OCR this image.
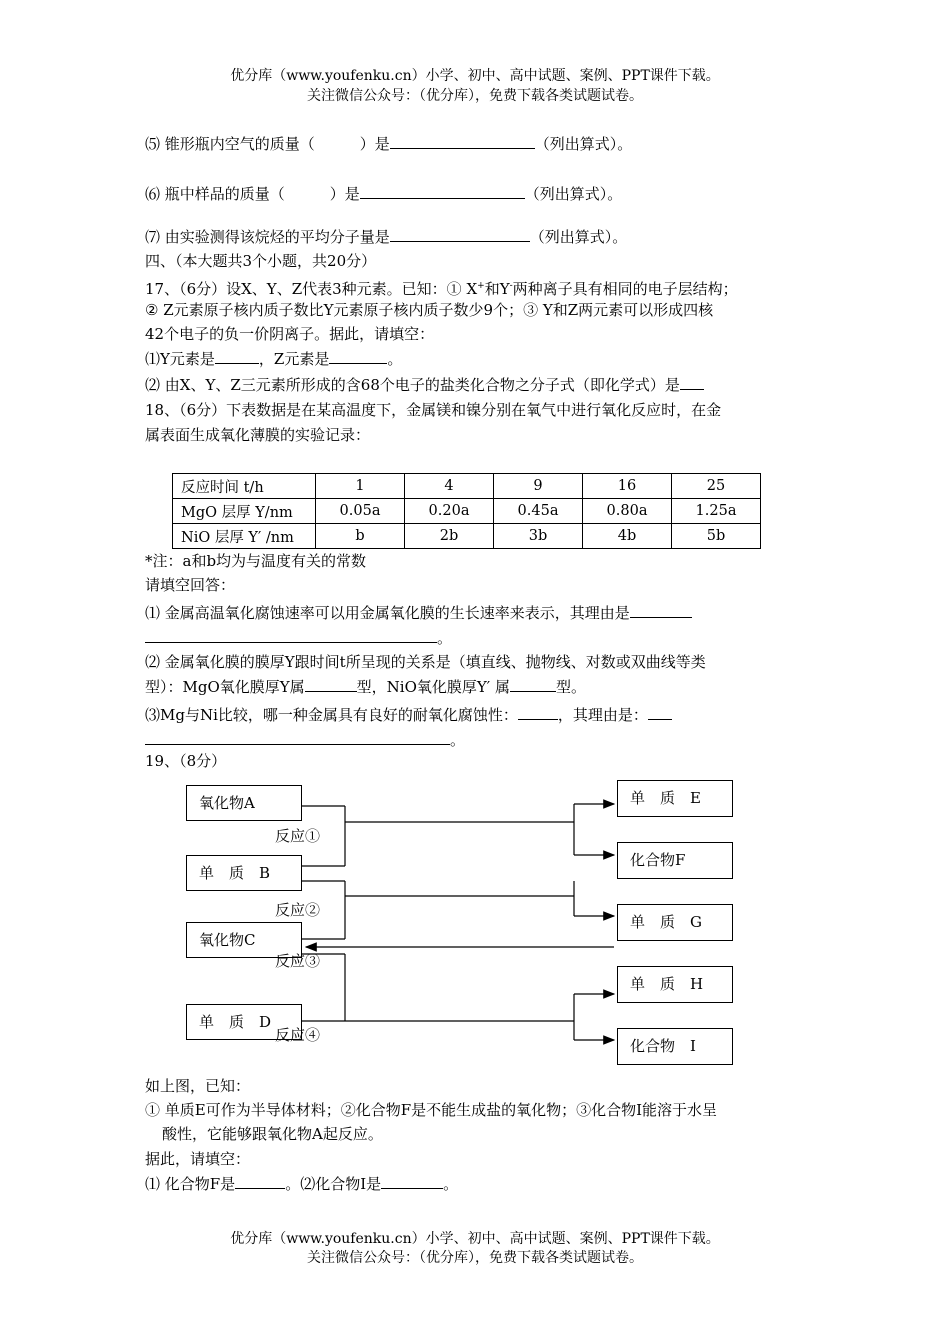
优分库（www.youfenku.cn）小学、初中、高中试题、案例、PPT课件下载。
关注微信公众号：（优分库），免费下载各类试题试卷。
⑸ 锥形瓶内空气的质量（　　　）是	（列出算式）。
⑹ 瓶中样品的质量（　　　）是	（列出算式）。
⑺ 由实验测得该烷烃的平均分子量是	（列出算式）。
四、（本大题共3个小题，共20分）
17、（6分）设X、Y、Z代表3种元素。已知：① X+和Y-两种离子具有相同的电子层结构；
② Z元素原子核内质子数比Y元素原子核内质子数少9个；③ Y和Z两元素可以形成四核
42个电子的负一价阴离子。据此，请填空：
⑴Y元素是	，Z元素是	。
⑵ 由X、Y、Z三元素所形成的含68个电子的盐类化合物之分子式（即化学式）是
18、（6分）下表数据是在某高温度下，金属镁和镍分别在氧气中进行氧化反应时，在金
属表面生成氧化薄膜的实验记录：
反应时间 t/h	1	4	9	16	25
MgO 层厚 Y/nm	0.05a	0.20a	0.45a	0.80a	1.25a
NiO 层厚 Y′ /nm	b	2b	3b	4b	5b
*注：a和b均为与温度有关的常数
请填空回答：
⑴ 金属高温氧化腐蚀速率可以用金属氧化膜的生长速率来表示，其理由是
。
⑵ 金属氧化膜的膜厚Y跟时间t所呈现的关系是（填直线、抛物线、对数或双曲线等类
型）：MgO氧化膜厚Y属	型，NiO氧化膜厚Y′ 属	型。
⑶Mg与Ni比较，哪一种金属具有良好的耐氧化腐蚀性：	，其理由是：
。
19、（8分）
氧化物A
单　质　B
氧化物C
单　质　D
单　质　E
化合物F
单　质　G
单　质　H
化合物　I
反应①
反应②
反应③
反应④
如上图，已知：
① 单质E可作为半导体材料；②化合物F是不能生成盐的氧化物；③化合物I能溶于水呈
酸性，它能够跟氧化物A起反应。
据此，请填空：
⑴ 化合物F是	。⑵化合物I是	。
优分库（www.youfenku.cn）小学、初中、高中试题、案例、PPT课件下载。
关注微信公众号：（优分库），免费下载各类试题试卷。
